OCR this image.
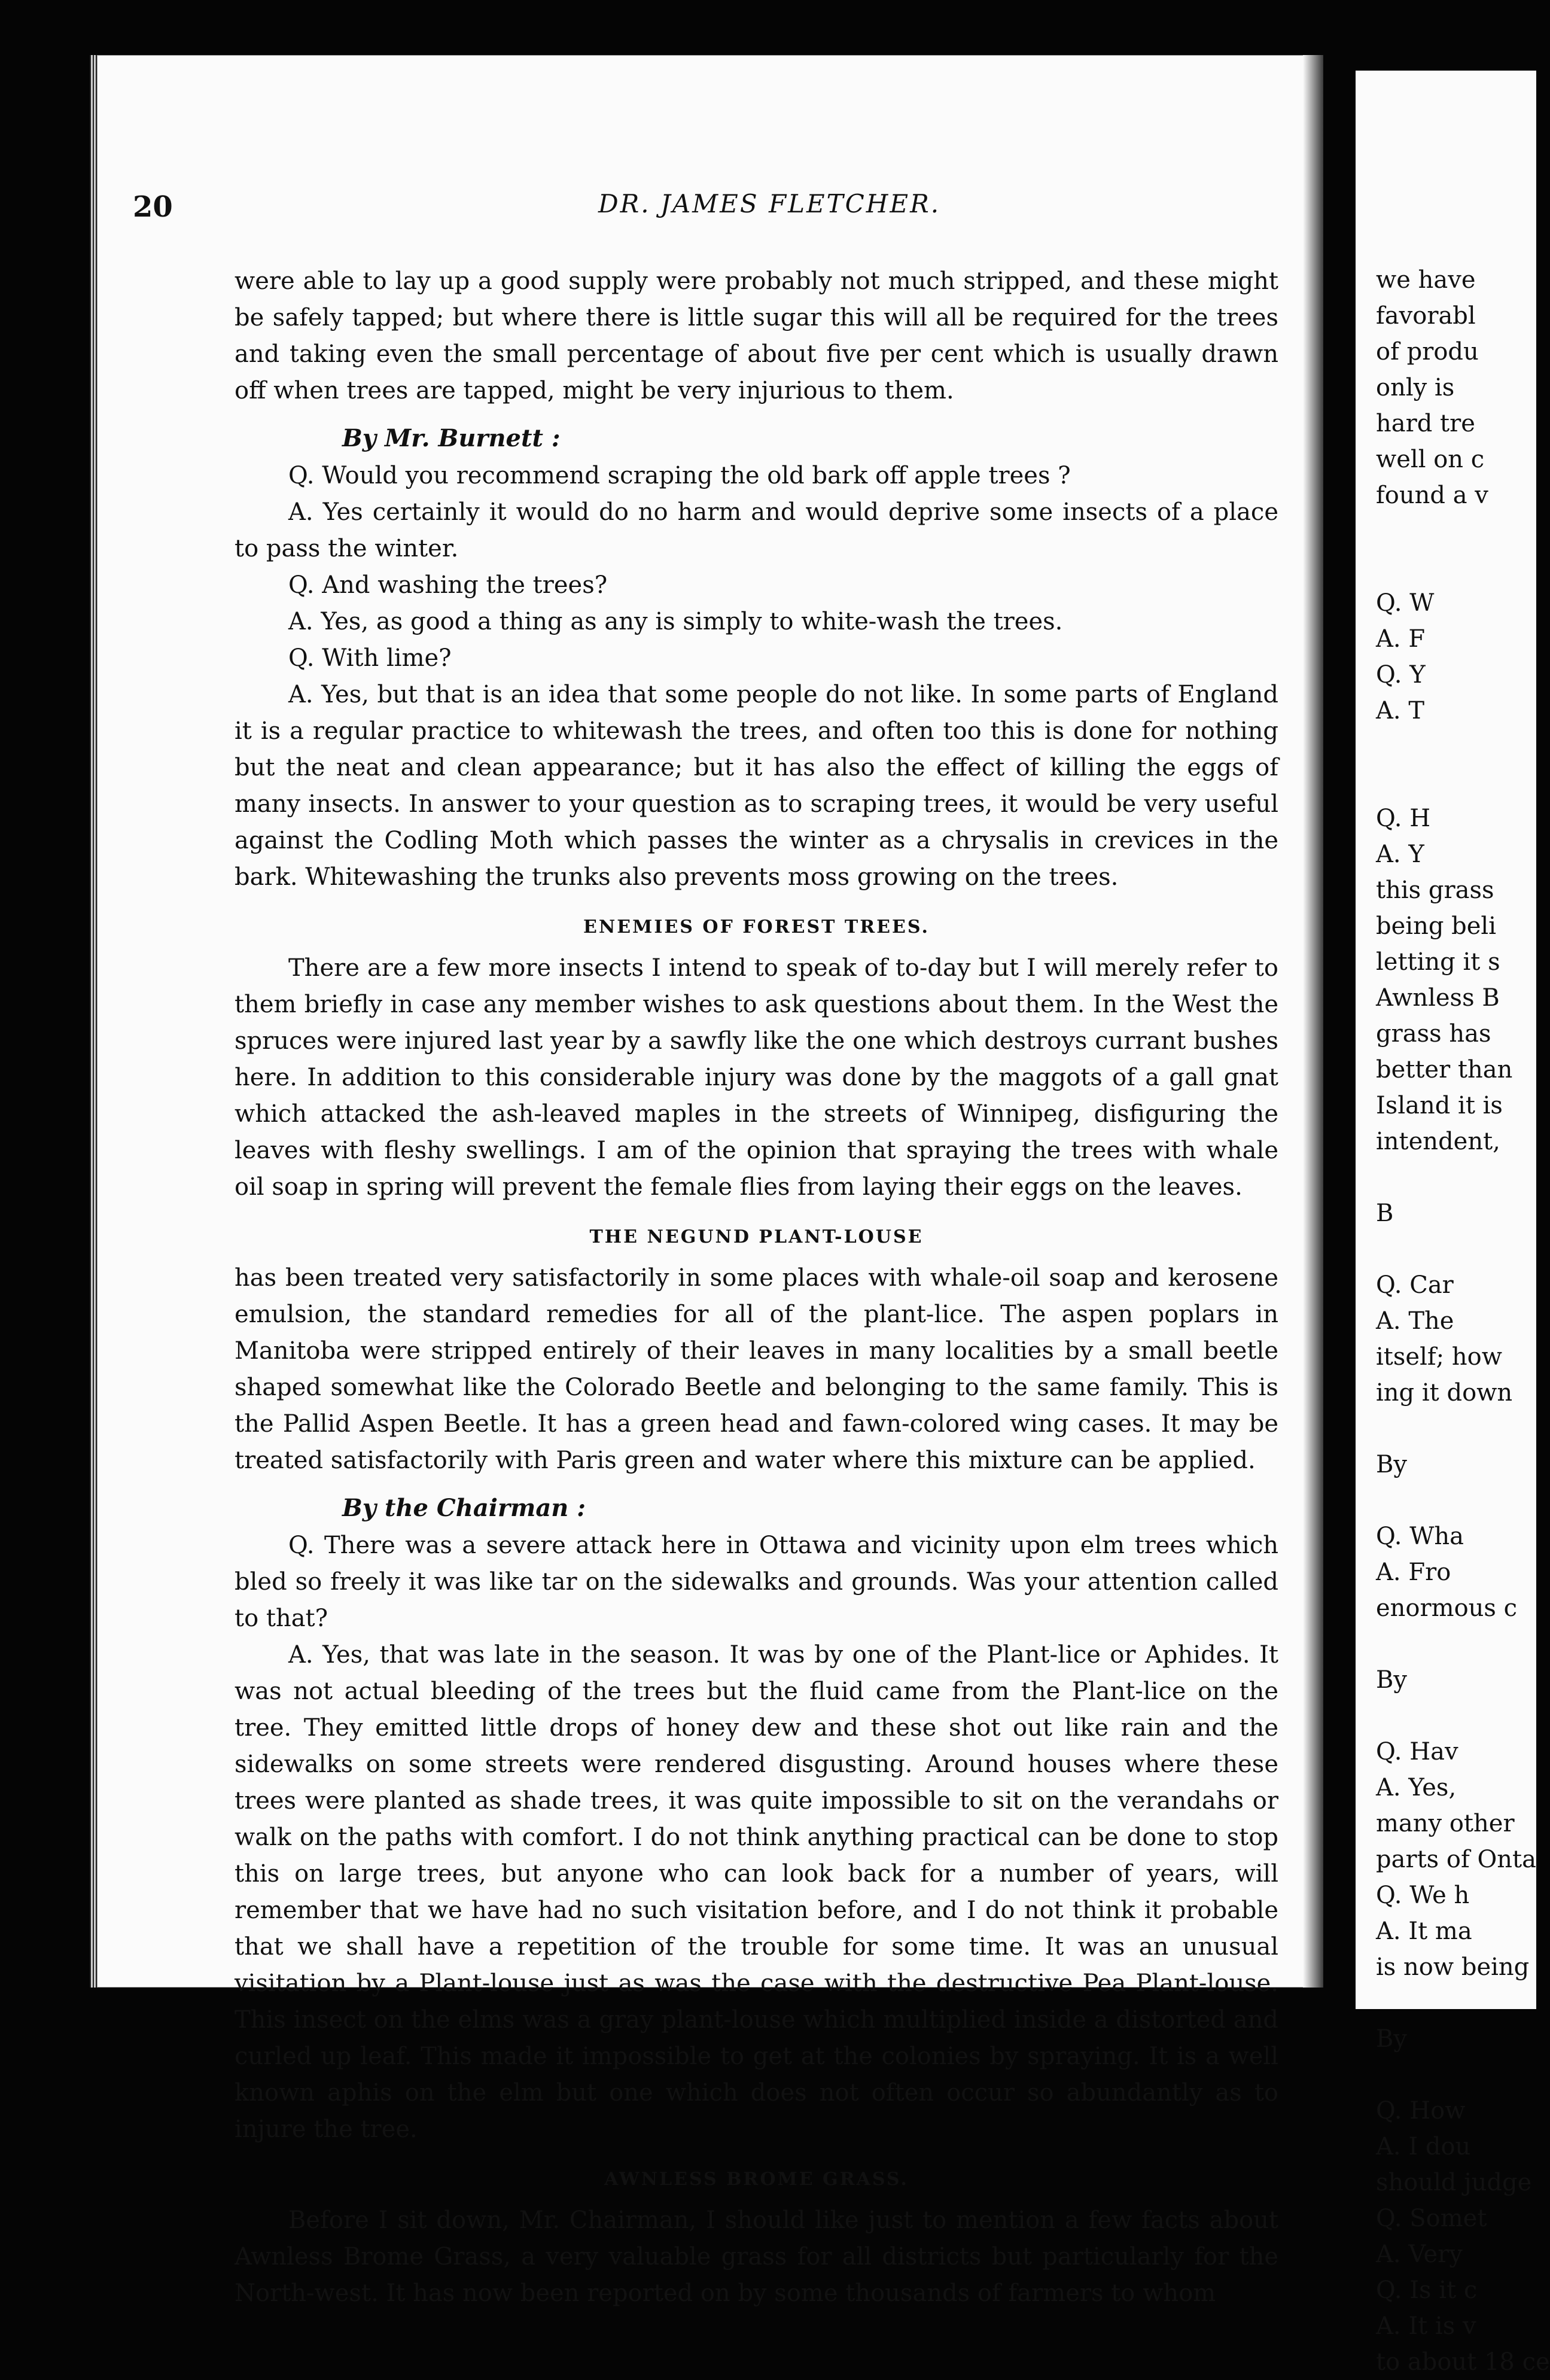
20	DR. JAMES FLETCHER.

were able to lay up a good supply were probably not much stripped, and these might be safely tapped; but where there is little sugar this will all be required for the trees and taking even the small percentage of about five per cent which is usually drawn off when trees are tapped, might be very injurious to them.

By Mr. Burnett :

Q. Would you recommend scraping the old bark off apple trees ?

A. Yes certainly it would do no harm and would deprive some insects of a place to pass the winter.

Q. And washing the trees?

A. Yes, as good a thing as any is simply to white-wash the trees.

Q. With lime?

A. Yes, but that is an idea that some people do not like. In some parts of England it is a regular practice to whitewash the trees, and often too this is done for nothing but the neat and clean appearance; but it has also the effect of killing the eggs of many insects. In answer to your question as to scraping trees, it would be very useful against the Codling Moth which passes the winter as a chrysalis in crevices in the bark. Whitewashing the trunks also prevents moss growing on the trees.

ENEMIES OF FOREST TREES.

There are a few more insects I intend to speak of to-day but I will merely refer to them briefly in case any member wishes to ask questions about them. In the West the spruces were injured last year by a sawfly like the one which destroys currant bushes here. In addition to this considerable injury was done by the maggots of a gall gnat which attacked the ash-leaved maples in the streets of Winnipeg, disfiguring the leaves with fleshy swellings. I am of the opinion that spraying the trees with whale oil soap in spring will prevent the female flies from laying their eggs on the leaves.

THE NEGUND PLANT-LOUSE

has been treated very satisfactorily in some places with whale-oil soap and kerosene emulsion, the standard remedies for all of the plant-lice. The aspen poplars in Manitoba were stripped entirely of their leaves in many localities by a small beetle shaped somewhat like the Colorado Beetle and belonging to the same family. This is the Pallid Aspen Beetle. It has a green head and fawn-colored wing cases. It may be treated satisfactorily with Paris green and water where this mixture can be applied.

By the Chairman :

Q. There was a severe attack here in Ottawa and vicinity upon elm trees which bled so freely it was like tar on the sidewalks and grounds. Was your attention called to that?

A. Yes, that was late in the season. It was by one of the Plant-lice or Aphides. It was not actual bleeding of the trees but the fluid came from the Plant-lice on the tree. They emitted little drops of honey dew and these shot out like rain and the sidewalks on some streets were rendered disgusting. Around houses where these trees were planted as shade trees, it was quite impossible to sit on the verandahs or walk on the paths with comfort. I do not think anything practical can be done to stop this on large trees, but anyone who can look back for a number of years, will remember that we have had no such visitation before, and I do not think it probable that we shall have a repetition of the trouble for some time. It was an unusual visitation by a Plant-louse just as was the case with the destructive Pea Plant-louse. This insect on the elms was a gray plant-louse which multiplied inside a distorted and curled up leaf. This made it impossible to get at the colonies by spraying. It is a well known aphis on the elm but one which does not often occur so abundantly as to injure the tree.

AWNLESS BROME GRASS.

Before I sit down, Mr. Chairman, I should like just to mention a few facts about Awnless Brome Grass, a very valuable grass for all districts but particularly for the North-west. It has now been reported on by some thousands of farmers to whom

we have
favorabl
of produ
only is
hard tre
well on c
found a v
Q. W
A. F
Q. Y
A. T
Q. H
A. Y
this grass
being beli
letting it s
Awnless B
grass has
better than
Island it is
intendent,
B
Q. Car
A. The
itself; how
ing it down
By
Q. Wha
A. Fro
enormous c
By
Q. Hav
A. Yes,
many other
parts of Onta
Q. We h
A. It ma
is now being
By
Q. How
A. I dou
should judge
Q. Somet
A. Very
Q. Is it c
A. It is v
to about 18 ce
